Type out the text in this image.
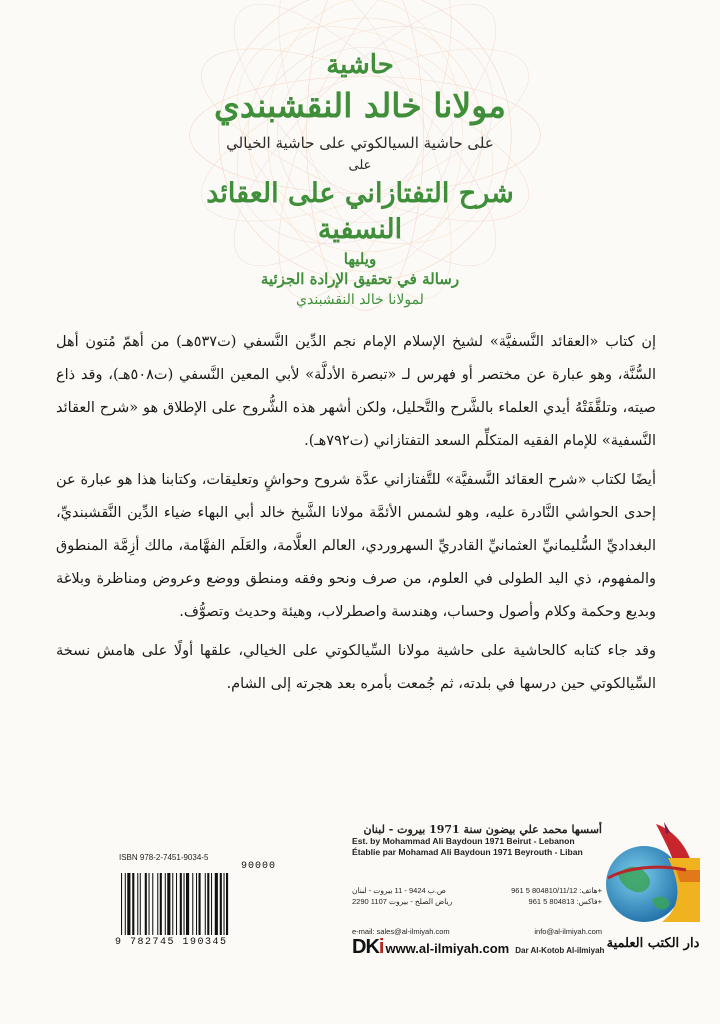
حاشية
مولانا خالد النقشبندي
على حاشية السيالكوتي على حاشية الخيالي
على
شرح التفتازاني على العقائد النسفية
ويليها
رسالة في تحقيق الإرادة الجزئية
لمولانا خالد النقشبندي

إن كتاب «العقائد النَّسفيَّة» لشيخ الإسلام الإمام نجم الدِّين النَّسفي (ت٥٣٧هـ) من أهمّ مُتون أهل السُّنَّة، وهو عبارة عن مختصر أو فهرس لـ «تبصرة الأدلَّة» لأبي المعين النَّسفي (ت٥٠٨هـ)، وقد ذاع صيته، وتلقَّفَتْهُ أيدي العلماء بالشَّرح والتَّحليل، ولكن أشهر هذه الشُّروح على الإطلاق هو «شرح العقائد النَّسفية» للإمام الفقيه المتكلِّم السعد التفتازاني (ت٧٩٢هـ).

أيضًا لكتاب «شرح العقائد النَّسفيَّة» للتَّفتازاني عدَّة شروح وحواشٍ وتعليقات، وكتابنا هذا هو عبارة عن إحدى الحواشي النَّادرة عليه، وهو لشمس الأئمَّة مولانا الشَّيخ خالد أبي البهاء ضياء الدِّين النَّقشبنديِّ، البغداديِّ السُّليمانيِّ العثمانيِّ القادريِّ السهروردي، العالم العلَّامة، والعَلَم الفهَّامة، مالك أزِمَّة المنطوق والمفهوم، ذي اليد الطولى في العلوم، من صرف ونحو وفقه ومنطق ووضع وعروض ومناظرة وبلاغة وبديع وحكمة وكلام وأصول وحساب، وهندسة واصطرلاب، وهيئة وحديث وتصوُّف.

وقد جاء كتابه كالحاشية على حاشية مولانا السِّيالكوتي على الخيالي، علقها أولًا على هامش نسخة السِّيالكوتي حين درسها في بلدته، ثم جُمعت بأمره بعد هجرته إلى الشام.

ISBN 978-2-7451-9034-5
90000
9 782745 190345
أسسها محمد علي بيضون سنة 1971 بيروت - لبنان
Est. by Mohammad Ali Baydoun 1971 Beirut - Lebanon
Établie par Mohamad Ali Baydoun 1971 Beyrouth - Liban
ص.ب 9424 - 11 بيروت - لبنان	هاتف: 804810/11/12 5 961+
رياض الصلح - بيروت 1107 2290	فاكس: 804813 5 961+
e-mail: sales@al-ilmiyah.com	info@al-ilmiyah.com
DKi www.al-ilmiyah.com Dar Al-Kotob Al-ilmiyah دار الكتب العلمية
